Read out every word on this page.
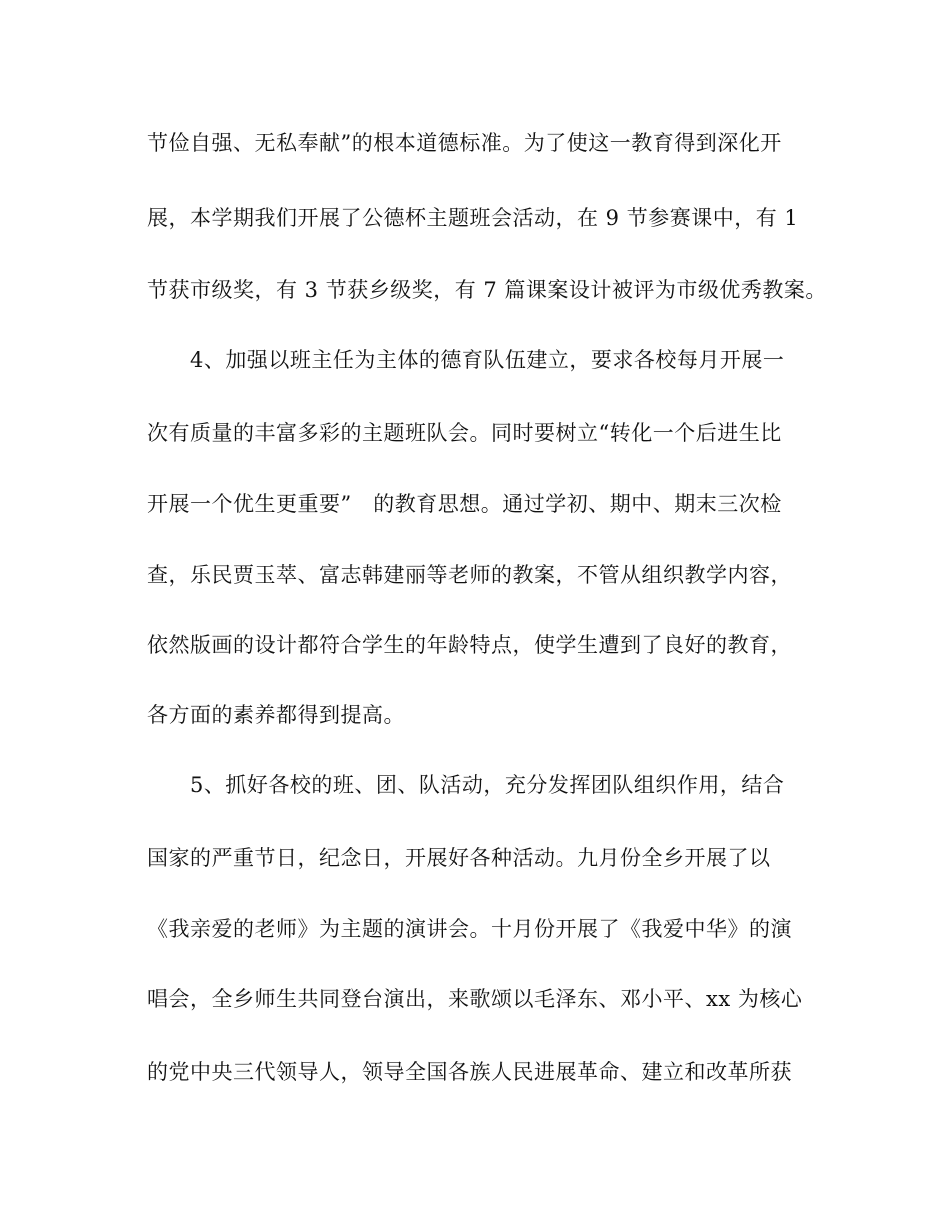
节俭自强、无私奉献”的根本道德标准。为了使这一教育得到深化开
展，本学期我们开展了公德杯主题班会活动，在 9 节参赛课中，有 1
节获市级奖，有 3 节获乡级奖，有 7 篇课案设计被评为市级优秀教案。
4、加强以班主任为主体的德育队伍建立，要求各校每月开展一
次有质量的丰富多彩的主题班队会。同时要树立“转化一个后进生比
开展一个优生更重要”　的教育思想。通过学初、期中、期末三次检
查，乐民贾玉萃、富志韩建丽等老师的教案，不管从组织教学内容，
依然版画的设计都符合学生的年龄特点，使学生遭到了良好的教育，
各方面的素养都得到提高。
5、抓好各校的班、团、队活动，充分发挥团队组织作用，结合
国家的严重节日，纪念日，开展好各种活动。九月份全乡开展了以
《我亲爱的老师》为主题的演讲会。十月份开展了《我爱中华》的演
唱会，全乡师生共同登台演出，来歌颂以毛泽东、邓小平、xx 为核心
的党中央三代领导人，领导全国各族人民进展革命、建立和改革所获
